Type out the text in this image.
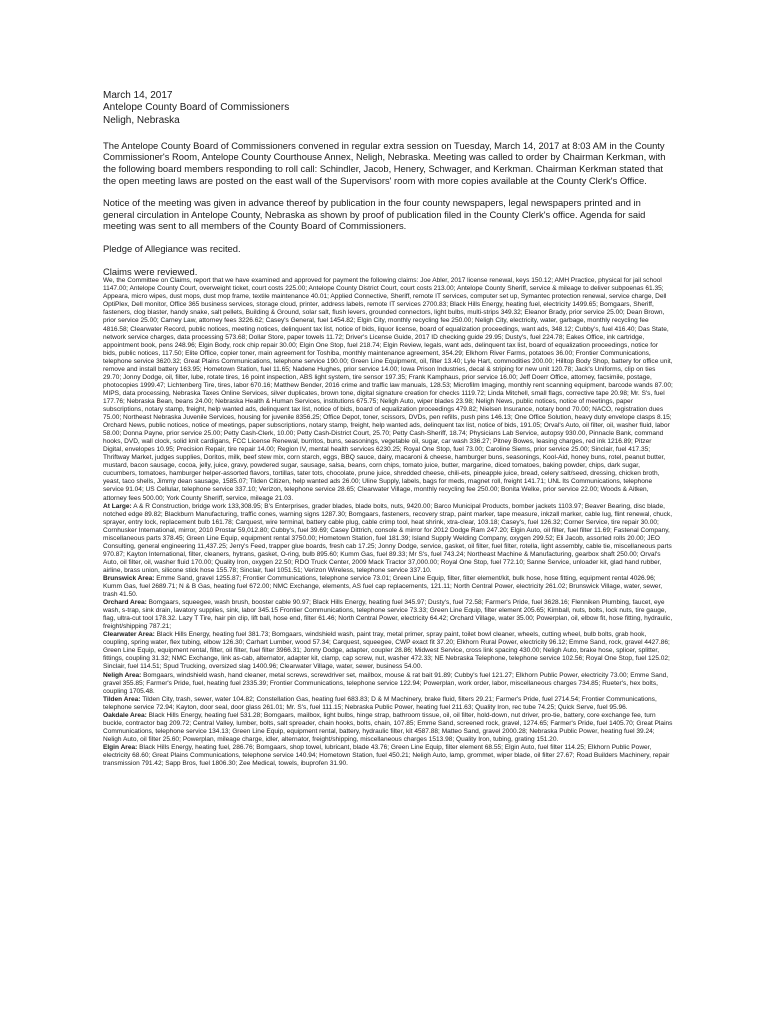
March 14, 2017

Antelope County Board of Commissioners

Neligh, Nebraska

The Antelope County Board of Commissioners convened in regular extra session on Tuesday, March 14, 2017 at 8:03 AM in the County Commissioner's Room, Antelope County Courthouse Annex, Neligh, Nebraska. Meeting was called to order by Chairman Kerkman, with the following board members responding to roll call: Schindler, Jacob, Henery, Schwager, and Kerkman. Chairman Kerkman stated that the open meeting laws are posted on the east wall of the Supervisors' room with more copies available at the County Clerk's Office.

Notice of the meeting was given in advance thereof by publication in the four county newspapers, legal newspapers printed and in general circulation in Antelope County, Nebraska as shown by proof of publication filed in the County Clerk's office. Agenda for said meeting was sent to all members of the County Board of Commissioners.

Pledge of Allegiance was recited.

Claims were reviewed.

We, the Committee on Claims, report that we have examined and approved for payment the following claims: Joe Abler, 2017 license renewal, keys 150.12; AMH Practice, physical for jail school 1147.00; Antelope County Court, overweight ticket, court costs 225.00; Antelope County District Court, court costs 213.00; Antelope County Sheriff, service & mileage to deliver subpoenas 61.35; Appeara, micro wipes, dust mops, dust mop frame, textile maintenance 40.01; Applied Connective, Sheriff, remote IT services, computer set up, Symantec protection renewal, service charge, Dell OptiPlex, Dell monitor, Office 365 business services, storage cloud, printer, address labels, remote IT services 2700.83; Black Hills Energy, heating fuel, electricity 1499.65; Bomgaars, Sheriff, fasteners, clog blaster, handy snake, salt pellets, Building & Ground, solar salt, flush levers, grounded connectors, light bulbs, multi-strips 349.32; Eleanor Brady, prior service 25.00; Dean Brown, prior service 25.00; Carney Law, attorney fees 3226.62; Casey's General, fuel 1454.82; Elgin City, monthly recycling fee 250.00; Neligh City, electricity, water, garbage, monthly recycling fee 4816.58; Clearwater Record, public notices, meeting notices, delinquent tax list, notice of bids, liquor license, board of equalization proceedings, want ads, 348.12; Cubby's, fuel 416.40; Das State, network service charges, data processing 573.68; Dollar Store, paper towels 11.72; Driver's License Guide, 2017 ID checking guide 29.95; Dusty's, fuel 224.78; Eakes Office, ink cartridge, appointment book, pens 248.96; Elgin Body, rock chip repair 30.00; Elgin One Stop, fuel 218.74; Elgin Review, legals, want ads, delinquent tax list, board of equalization proceedings, notice for bids, public notices, 117.50; Elite Office, copier toner, main agreement for Toshiba, monthly maintenance agreement, 354.29; Elkhorn River Farms, potatoes 36.00; Frontier Communications, telephone service 3620.32; Great Plains Communications, telephone service 190.00; Green Line Equipment, oil, filter 13.40; Lyle Hart, commodities 200.00; Hilltop Body Shop, battery for office unit, remove and install battery 163.95; Hometown Station, fuel 11.65; Nadene Hughes, prior service 14.00; Iowa Prison Industries, decal & striping for new unit 120.78; Jack's Uniforms, clip on ties 29.70; Jonny Dodge, oil, filter, lube, rotate tires, 16 point inspection, ABS light system, tire sensor 197.35; Frank Kamphaus, prior service 16.00; Jeff Doerr Office, attorney, facsimile, postage, photocopies 1999.47; Lichtenberg Tire, tires, labor 670.16; Matthew Bender, 2016 crime and traffic law manuals, 128.53; Microfilm Imaging, monthly rent scanning equipment, barcode wands 87.00; MIPS, data processing, Nebraska Taxes Online Services, silver duplicates, brown tone, digital signature creation for checks 1119.72; Linda Mitchell, small flags, corrective tape 20.98; Mr. S's, fuel 177.76; Nebraska Bean, beans 24.00; Nebraska Health & Human Services, institutions 675.75; Neligh Auto, wiper blades 23.98; Neligh News, public notices, notice of meetings, paper subscriptions, notary stamp, freight, help wanted ads, delinquent tax list, notice of bids, board of equalization proceedings 479.82; Nielsen Insurance, notary bond 70.00; NACO, registration dues 75.00; Northeast Nebraska Juvenile Services, housing for juvenile 8356.25; Office Depot, toner, scissors, DVDs, pen refills, push pins 146.13; One Office Solution, heavy duty envelope clasps 8.15; Orchard News, public notices, notice of meetings, paper subscriptions, notary stamp, freight, help wanted ads, delinquent tax list, notice of bids, 191.05; Orval's Auto, oil filter, oil, washer fluid, labor 58.00; Donna Payne, prior service 25.00; Petty Cash-Clerk, 10.00; Petty Cash-District Court, 25.70; Petty Cash-Sheriff, 18.74; Physicians Lab Service, autopsy 930.00, Pinnacle Bank, command hooks, DVD, wall clock, solid knit cardigans, FCC License Renewal, burritos, buns, seasonings, vegetable oil, sugar, car wash 336.27; Pitney Bowes, leasing charges, red ink 1216.89; Pitzer Digital, envelopes 10.95; Precision Repair, tire repair 14.00; Region IV, mental health services 6230.25; Royal One Stop, fuel 73.00; Caroline Siems, prior service 25.00; Sinclair, fuel 417.35; Thriftway Market, judges supplies, Doritos, milk, beef stew mix, corn starch, eggs, BBQ sauce, dairy, macaroni & cheese, hamburger buns, seasonings, Kool-Aid, honey buns, rotel, peanut butter, mustard, bacon sausage, cocoa, jelly, juice, gravy, powdered sugar, sausage, salsa, beans, corn chips, tomato juice, butter, margarine, diced tomatoes, baking powder, chips, dark sugar, cucumbers, tomatoes, hamburger helper-assorted flavors, tortillas, tater tots, chocolate, prune juice, shredded cheese, chili-ets, pineapple juice, bread, celery salt/seed, dressing, chicken broth, yeast, taco shells, Jimmy dean sausage, 1585.07; Tilden Citizen, help wanted ads 26.00; Uline Supply, labels, bags for meds, magnet roll, freight 141.71; UNL Its Communications, telephone service 91.04; US Cellular, telephone service 337.10; Verizon, telephone service 28.65; Clearwater Village, monthly recycling fee 250.00; Bonita Welke, prior service 22.00; Woods & Aitken, attorney fees 500.00; York County Sheriff, service, mileage 21.03.

At Large: A & R Construction, bridge work 133,308.95; B's Enterprises, grader blades, blade bolts, nuts, 9420.00; Barco Municipal Products, bomber jackets 1103.97; Beaver Bearing, disc blade, notched edge 89.82; Blackburn Manufacturing, traffic cones, warning signs 1287.30; Bomgaars, fasteners, recovery strap, paint marker, tape measure, inkzall marker, cable lug, flint renewal, chuck, sprayer, entry lock, replacement bulb 161.78; Carquest, wire terminal, battery cable plug, cable crimp tool, heat shrink, xtra-clear, 103.18; Casey's, fuel 126.32; Corner Service, tire repair 30.00; Cornhusker International, mirror, 2010 Prostar 59,012.80; Cubby's, fuel 39.69; Casey Dittrich, console & mirror for 2012 Dodge Ram 247.20; Elgin Auto, oil filter, fuel filter 11.69; Fastenal Company, miscellaneous parts 378.45; Green Line Equip, equipment rental 3750.00; Hometown Station, fuel 181.39; Island Supply Welding Company, oxygen 299.52; Eli Jacob, assorted rolls 20.00; JEO Consulting, general engineering 11,437.25; Jerry's Feed, trapper glue boards, fresh cab 17.25; Jonny Dodge, service, gasket, oil filter, fuel filter, rotella, light assembly, cable tie, miscellaneous parts 970.87; Kayton International, filter, cleaners, hytrans, gasket, O-ring, bulb 895.60; Kumm Gas, fuel 89.33; Mr S's, fuel 743.24; Northeast Machine & Manufacturing, gearbox shaft 250.00; Orval's Auto, oil filter, oil, washer fluid 170.00; Quality Iron, oxygen 22.50; RDO Truck Center, 2009 Mack Tractor 37,000.00; Royal One Stop, fuel 772.10; Sanne Service, unloader kit, glad hand rubber, airline, brass union, silicone stick hose 155.78; Sinclair, fuel 1051.51; Verizon Wireless, telephone service 337.10.

Brunswick Area: Emme Sand, gravel 1255.87; Frontier Communications, telephone service 73.01; Green Line Equip, filter, filter element/kit, bulk hose, hose fitting, equipment rental 4026.96; Kumm Gas, fuel 2689.71; N & B Gas, heating fuel 672.00; NMC Exchange, elements, AS fuel cap replacements, 121.11; North Central Power, electricity 261.02; Brunswick Village, water, sewer, trash 41.50.

Orchard Area: Bomgaars, squeegee, wash brush, booster cable 90.97; Black Hills Energy, heating fuel 345.97; Dusty's, fuel 72.58; Farmer's Pride, fuel 3628.16; Flenniken Plumbing, faucet, eye wash, s-trap, sink drain, lavatory supplies, sink, labor 345.15 Frontier Communications, telephone service 73.33; Green Line Equip, filter element 205.65; Kimball, nuts, bolts, lock nuts, tire gauge, flag, ultra-cut tool 178.32. Lazy T Tire, hair pin clip, lift ball, hose end, filter 61.46; North Central Power, electricity 64.42; Orchard Village, water 35.00; Powerplan, oil, elbow fit, hose fitting, hydraulic, freight/shipping 787.21;

Clearwater Area: Black Hills Energy, heating fuel 381.73; Bomgaars, windshield wash, paint tray, metal primer, spray paint, toilet bowl cleaner, wheels, cutting wheel, bulb bolts, grab hook, coupling, spring water, flex tubing, elbow 126.30; Carhart Lumber, wood 57.34; Carquest, squeegee, CWP exact fit 37.20; Elkhorn Rural Power, electricity 96.12; Emme Sand, rock, gravel 4427.86; Green Line Equip, equipment rental, filter, oil filter, fuel filter 3966.31; Jonny Dodge, adapter, coupler 28.86; Midwest Service, cross link spacing 430.00; Neligh Auto, brake hose, splicer, splitter, fittings, coupling 31.32; NMC Exchange, link as-cab, alternator, adapter kit, clamp, cap screw, nut, washer 472.33; NE Nebraska Telephone, telephone service 102.56; Royal One Stop, fuel 125.02; Sinclair, fuel 114.51; Spud Trucking, oversized slag 1400.96; Clearwater Village, water, sewer, business 54.00.

Neligh Area: Bomgaars, windshield wash, hand cleaner, metal screws, screwdriver set, mailbox, mouse & rat bait 91.89; Cubby's fuel 121.27; Elkhorn Public Power, electricity 73.00; Emme Sand, gravel 355.85; Farmer's Pride, fuel, heating fuel 2335.39; Frontier Communications, telephone service 122.94; Powerplan, work order, labor, miscellaneous charges 734.85; Rueter's, hex bolts, coupling 1705.48.

Tilden Area: Tilden City, trash, sewer, water 104.82; Constellation Gas, heating fuel 683.83; D & M Machinery, brake fluid, filters 29.21; Farmer's Pride, fuel 2714.54; Frontier Communications, telephone service 72.94; Kayton, door seal, door glass 261.01; Mr. S's, fuel 111.15; Nebraska Public Power, heating fuel 211.63; Quality Iron, rec tube 74.25; Quick Serve, fuel 95.96.

Oakdale Area: Black Hills Energy, heating fuel 531.28; Bomgaars, mailbox, light bulbs, hinge strap, bathroom tissue, oil, oil filter, hold-down, nut driver, pro-tie, battery, core exchange fee, turn buckle, contractor bag 209.72; Central Valley, lumber, bolts, salt spreader, chain hooks, bolts, chain, 107.85; Emme Sand, screened rock, gravel, 1274.65; Farmer's Pride, fuel 1405.70; Great Plains Communications, telephone service 134.13; Green Line Equip, equipment rental, battery, hydraulic filter, kit 4587.88; Matteo Sand, gravel 2000.28; Nebraska Public Power, heating fuel 39.24; Neligh Auto, oil filter 25.60; Powerplan, mileage charge, idler, alternator, freight/shipping, miscellaneous charges 1513.98; Quality Iron, tubing, grating 151.20.

Elgin Area: Black Hills Energy, heating fuel, 286.76; Bomgaars, shop towel, lubricant, blade 43.76; Green Line Equip, filter element 68.55; Elgin Auto, fuel filter 114.25; Elkhorn Public Power, electricity 68.60; Great Plains Communications, telephone service 140.94; Hometown Station, fuel 450.21; Neligh Auto, lamp, grommet, wiper blade, oil filter 27.67; Road Builders Machinery, repair transmission 791.42; Sapp Bros, fuel 1806.30; Zee Medical, towels, ibuprofen 31.90.
